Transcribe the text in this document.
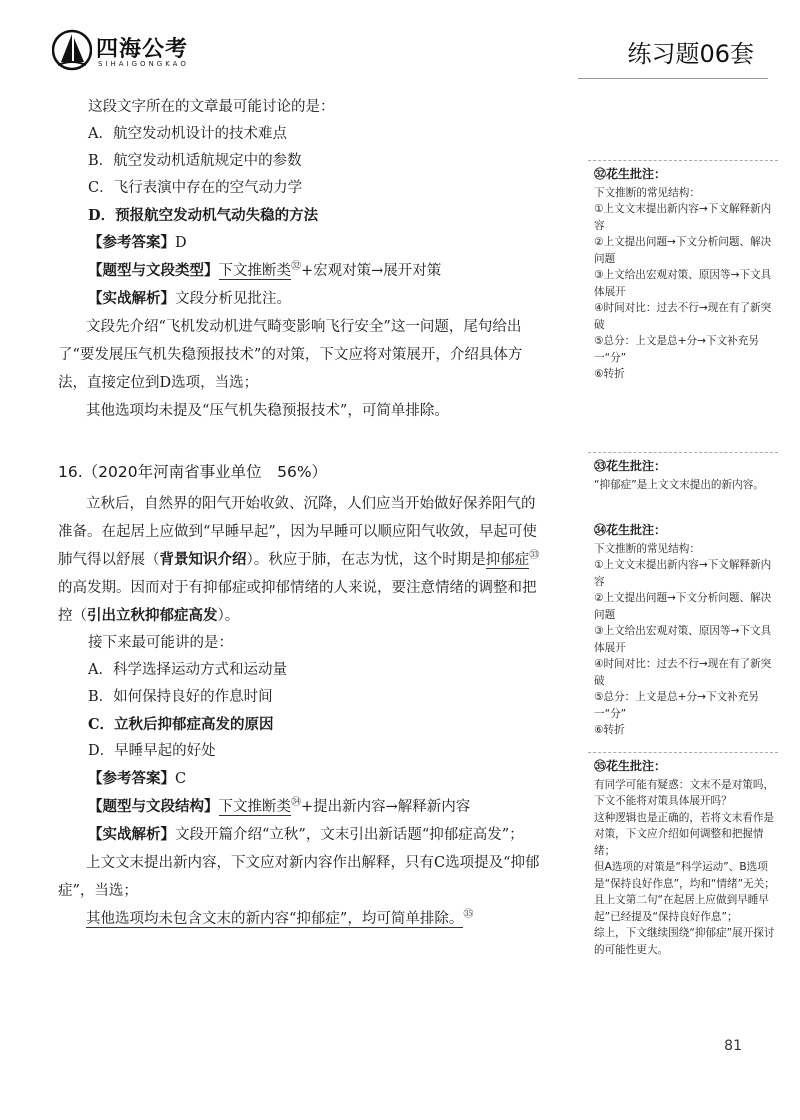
四海公考
SIHAIGONGKAO	练习题06套

这段文字所在的文章最可能讨论的是：

A．航空发动机设计的技术难点

B．航空发动机适航规定中的参数

C．飞行表演中存在的空气动力学

D．预报航空发动机气动失稳的方法

【参考答案】D

【题型与文段类型】下文推断类$^㉜$+宏观对策→展开对策

【实战解析】文段分析见批注。

文段先介绍“飞机发动机进气畸变影响飞行安全”这一问题，尾句给出了“要发展压气机失稳预报技术”的对策，下文应将对策展开，介绍具体方法，直接定位到D选项，当选；

其他选项均未提及“压气机失稳预报技术”，可简单排除。

16.（2020年河南省事业单位　56%）

立秋后，自然界的阳气开始收敛、沉降，人们应当开始做好保养阳气的准备。在起居上应做到“早睡早起”，因为早睡可以顺应阳气收敛，早起可使肺气得以舒展（背景知识介绍）。秋应于肺，在志为忧，这个时期是抑郁症$^㉝$的高发期。因而对于有抑郁症或抑郁情绪的人来说，要注意情绪的调整和把控（引出立秋抑郁症高发）。

接下来最可能讲的是：

A．科学选择运动方式和运动量

B．如何保持良好的作息时间

C．立秋后抑郁症高发的原因

D．早睡早起的好处

【参考答案】C

【题型与文段结构】下文推断类$^㉞$+提出新内容→解释新内容

【实战解析】文段开篇介绍“立秋”，文末引出新话题“抑郁症高发”；

上文文末提出新内容，下文应对新内容作出解释，只有C选项提及“抑郁症”，当选；

其他选项均未包含文末的新内容“抑郁症”，均可简单排除。$^㉟$

㉜花生批注：
下文推断的常见结构：
①上文文末提出新内容→下文解释新内容
②上文提出问题→下文分析问题、解决问题
③上文给出宏观对策、原因等→下文具体展开
④时间对比：过去不行→现在有了新突破
⑤总分：上文是总+分→下文补充另一“分”
⑥转折
㉝花生批注：
“抑郁症”是上文文末提出的新内容。
㉞花生批注：
下文推断的常见结构：
①上文文末提出新内容→下文解释新内容
②上文提出问题→下文分析问题、解决问题
③上文给出宏观对策、原因等→下文具体展开
④时间对比：过去不行→现在有了新突破
⑤总分：上文是总+分→下文补充另一“分”
⑥转折
㉟花生批注：
有同学可能有疑惑：文末不是对策吗，下文不能将对策具体展开吗？
这种逻辑也是正确的，若将文末看作是对策，下文应介绍如何调整和把握情绪；
但A选项的对策是“科学运动”、B选项是“保持良好作息”，均和“情绪”无关；
且上文第二句“在起居上应做到早睡早起”已经提及“保持良好作息”；
综上，下文继续围绕“抑郁症”展开探讨的可能性更大。
81
